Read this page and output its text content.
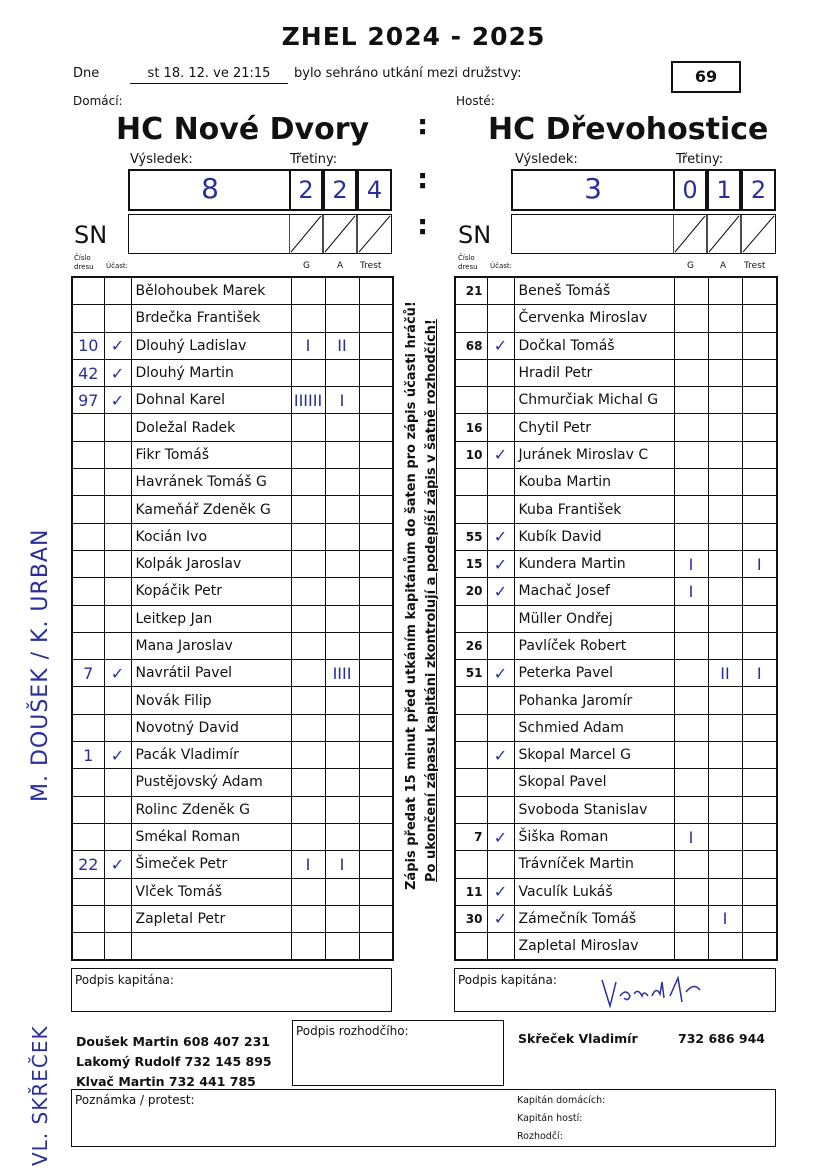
ZHEL 2024 - 2025
Dne	st 18. 12. ve 21:15	bylo sehráno utkání mezi družstvy:	69
Domácí:	Hosté:
HC Nové Dvory	HC Dřevohostice
:
:
:
Výsledek:	Třetiny:
8	2 2 4
Výsledek:	Třetiny:
3	0 1 2
SN	SN
Číslo dresu	Účast:	G	A Trest
Číslo dresu	Účast:	G	A Trest
		Bělohoubek Marek			
		Brdečka František			
10	✓	Dlouhý Ladislav	I	II	
42	✓	Dlouhý Martin			
97	✓	Dohnal Karel	IIIIII	I	
		Doležal Radek			
		Fikr Tomáš			
		Havránek Tomáš G			
		Kameňář Zdeněk G			
		Kocián Ivo			
		Kolpák Jaroslav			
		Kopáčik Petr			
		Leitkep Jan			
		Mana Jaroslav			
7	✓	Navrátil Pavel		IIII	
		Novák Filip			
		Novotný David			
1	✓	Pacák Vladimír			
		Pustějovský Adam			
		Rolinc Zdeněk G			
		Smékal Roman			
22	✓	Šimeček Petr	I	I	
		Vlček Tomáš			
		Zapletal Petr			

21		Beneš Tomáš			
		Červenka Miroslav			
68	✓	Dočkal Tomáš			
		Hradil Petr			
		Chmurčiak Michal G			
16		Chytil Petr			
10	✓	Juránek Miroslav C			
		Kouba Martin			
		Kuba František			
55	✓	Kubík David			
15	✓	Kundera Martin	I		I
20	✓	Machač Josef	I		
		Müller Ondřej			
26		Pavlíček Robert			
51	✓	Peterka Pavel		II	I
		Pohanka Jaromír			
		Schmied Adam			
	✓	Skopal Marcel G			
		Skopal Pavel			
		Svoboda Stanislav			
7	✓	Šiška Roman	I		
		Trávníček Martin			
11	✓	Vaculík Lukáš			
30	✓	Zámečník Tomáš		I	
		Zapletal Miroslav			
Zápis předat 15 minut před utkáním kapitánům do šaten pro zápis účasti hráčů! Po ukončení zápasu kapitáni zkontrolují a podepíší zápis v šatně rozhodčích!
M. DOUŠEK / K. URBAN
VL. SKŘEČEK
Podpis kapitána:	Podpis kapitána:
Doušek Martin 608 407 231
Lakomý Rudolf 732 145 895
Klvač Martin 732 441 785
Podpis rozhodčího:	Skřeček Vladimír	732 686 944
Poznámka / protest:	Kapitán domácích:
Kapitán hostí:
Rozhodčí:
